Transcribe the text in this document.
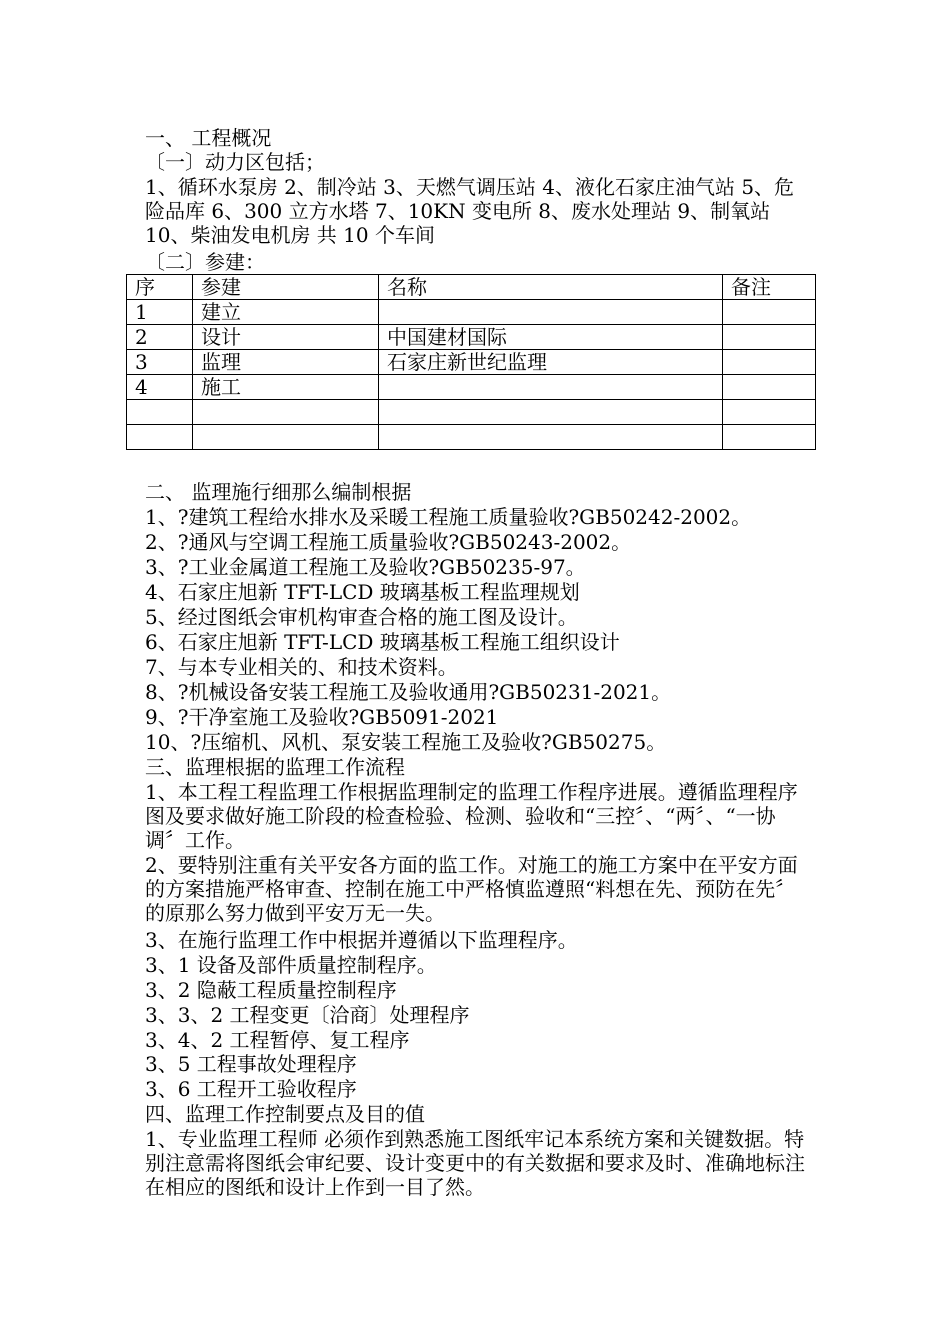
一、 工程概况
〔一〕动力区包括；
1、循环水泵房 2、制冷站 3、天燃气调压站 4、液化石家庄油气站 5、危险品库 6、300 立方水塔 7、10KN 变电所 8、废水处理站 9、制氧站 10、柴油发电机房 共 10 个车间
〔二〕参建：
序	参建	名称	备注
1	建立		
2	设计	中国建材国际	
3	监理	石家庄新世纪监理	
4	施工		

二、 监理施行细那么编制根据
1、?建筑工程给水排水及采暖工程施工质量验收?GB50242-2002。
2、?通风与空调工程施工质量验收?GB50243-2002。
3、?工业金属道工程施工及验收?GB50235-97。
4、石家庄旭新 TFT-LCD 玻璃基板工程监理规划
5、经过图纸会审机构审查合格的施工图及设计。
6、石家庄旭新 TFT-LCD 玻璃基板工程施工组织设计
7、与本专业相关的、和技术资料。
8、?机械设备安装工程施工及验收通用?GB50231-2021。
9、?干净室施工及验收?GB5091-2021
10、?压缩机、风机、泵安装工程施工及验收?GB50275。
三、监理根据的监理工作流程
1、本工程工程监理工作根据监理制定的监理工作程序进展。遵循监理程序图及要求做好施工阶段的检查检验、检测、验收和“三控〞、“两〞、“一协调〞工作。
2、要特别注重有关平安各方面的监工作。对施工的施工方案中在平安方面的方案措施严格审查、控制在施工中严格慎监遵照“料想在先、预防在先〞的原那么努力做到平安万无一失。
3、在施行监理工作中根据并遵循以下监理程序。
3、1 设备及部件质量控制程序。
3、2 隐蔽工程质量控制程序
3、3、2 工程变更〔洽商〕处理程序
3、4、2 工程暂停、复工程序
3、5 工程事故处理程序
3、6 工程开工验收程序
四、监理工作控制要点及目的值
1、专业监理工程师 必须作到熟悉施工图纸牢记本系统方案和关键数据。特别注意需将图纸会审纪要、设计变更中的有关数据和要求及时、准确地标注在相应的图纸和设计上作到一目了然。
